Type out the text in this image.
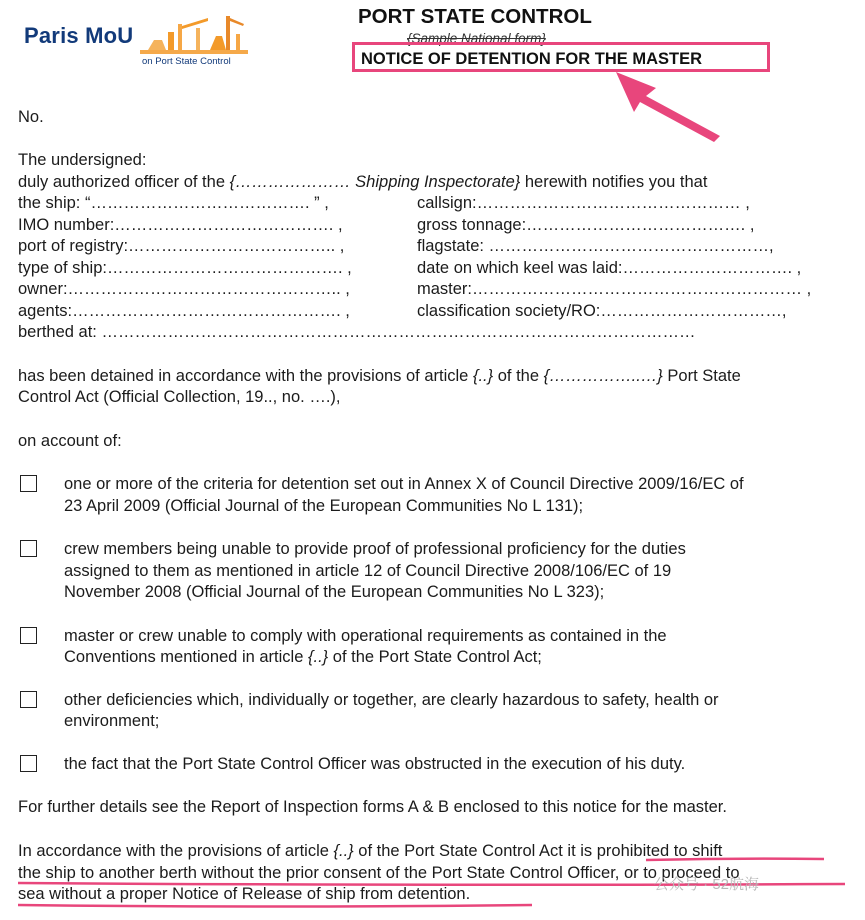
Paris MoU
on Port State Control
PORT STATE CONTROL
{Sample National form}
NOTICE OF DETENTION FOR THE MASTER
No.
The undersigned:
duly authorized officer of the {………………… Shipping Inspectorate} herewith notifies you that
the ship: “…………………………………. ” ,	callsign:………………………………………… ,
IMO number:…………………………………. ,	gross tonnage:…………………………………. ,
port of registry:……………………………….. ,	flagstate: ……………………………………………,
type of ship:……………………………………. ,	date on which keel was laid:…………………………. ,
owner:………………………………………….. ,	master:…………………………………………………… ,
agents:…………………………………………. ,	classification society/RO:……………………………,
berthed at: ………………………………………………………………………………………………
has been detained in accordance with the provisions of article {..} of the {……………..…} Port State
Control Act (Official Collection, 19.., no. ….),
on account of:
one or more of the criteria for detention set out in Annex X of Council Directive 2009/16/EC of
23 April 2009 (Official Journal of the European Communities No L 131);
crew members being unable to provide proof of professional proficiency for the duties
assigned to them as mentioned in article 12 of Council Directive 2008/106/EC of 19
November 2008 (Official Journal of the European Communities No L 323);
master or crew unable to comply with operational requirements as contained in the
Conventions mentioned in article {..} of the Port State Control Act;
other deficiencies which, individually or together, are clearly hazardous to safety, health or
environment;
the fact that the Port State Control Officer was obstructed in the execution of his duty.
For further details see the Report of Inspection forms A & B enclosed to this notice for the master.
In accordance with the provisions of article {..} of the Port State Control Act it is prohibited to shift
the ship to another berth without the prior consent of the Port State Control Officer, or to proceed to
sea without a proper Notice of Release of ship from detention.
公众号 · 52航海
